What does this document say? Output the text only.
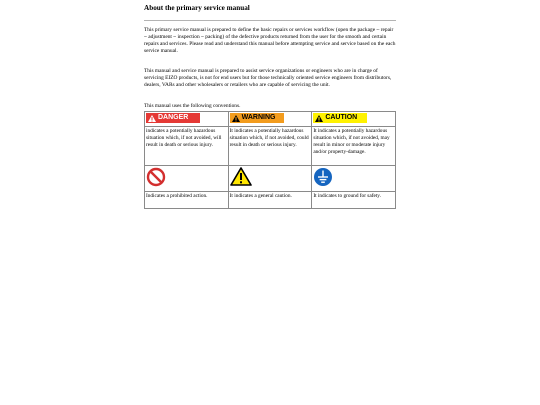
About the primary service manual
This primary service manual is prepared to define the basic repairs or services workflow (open the package ~ repair ~ adjustment ~ inspection ~ packing) of the defective products returned from the user for the smooth and certain repairs and services. Please read and understand this manual before attempting service and service based on the each service manual.
This manual and service manual is prepared to assist service organizations or engineers who are in charge of servicing EIZO products, is not for end users but for those technically oriented service engineers from distributors, dealers, VARs and other wholesalers or retailers who are capable of servicing the unit.
This manual uses the following conventions.
DANGER	WARNING	CAUTION

indicates a potentially hazardous situation which, if not avoided, will result in death or serious injury.	It indicates a potentially hazardous situation which, if not avoided, could result in death or serious injury.	It indicates a potentially hazardous situation which, if not avoided, may result in minor or moderate injury and/or property-damage.

Indicates a prohibited action.	It indicates a general caution.	It indicates to ground for safety.
